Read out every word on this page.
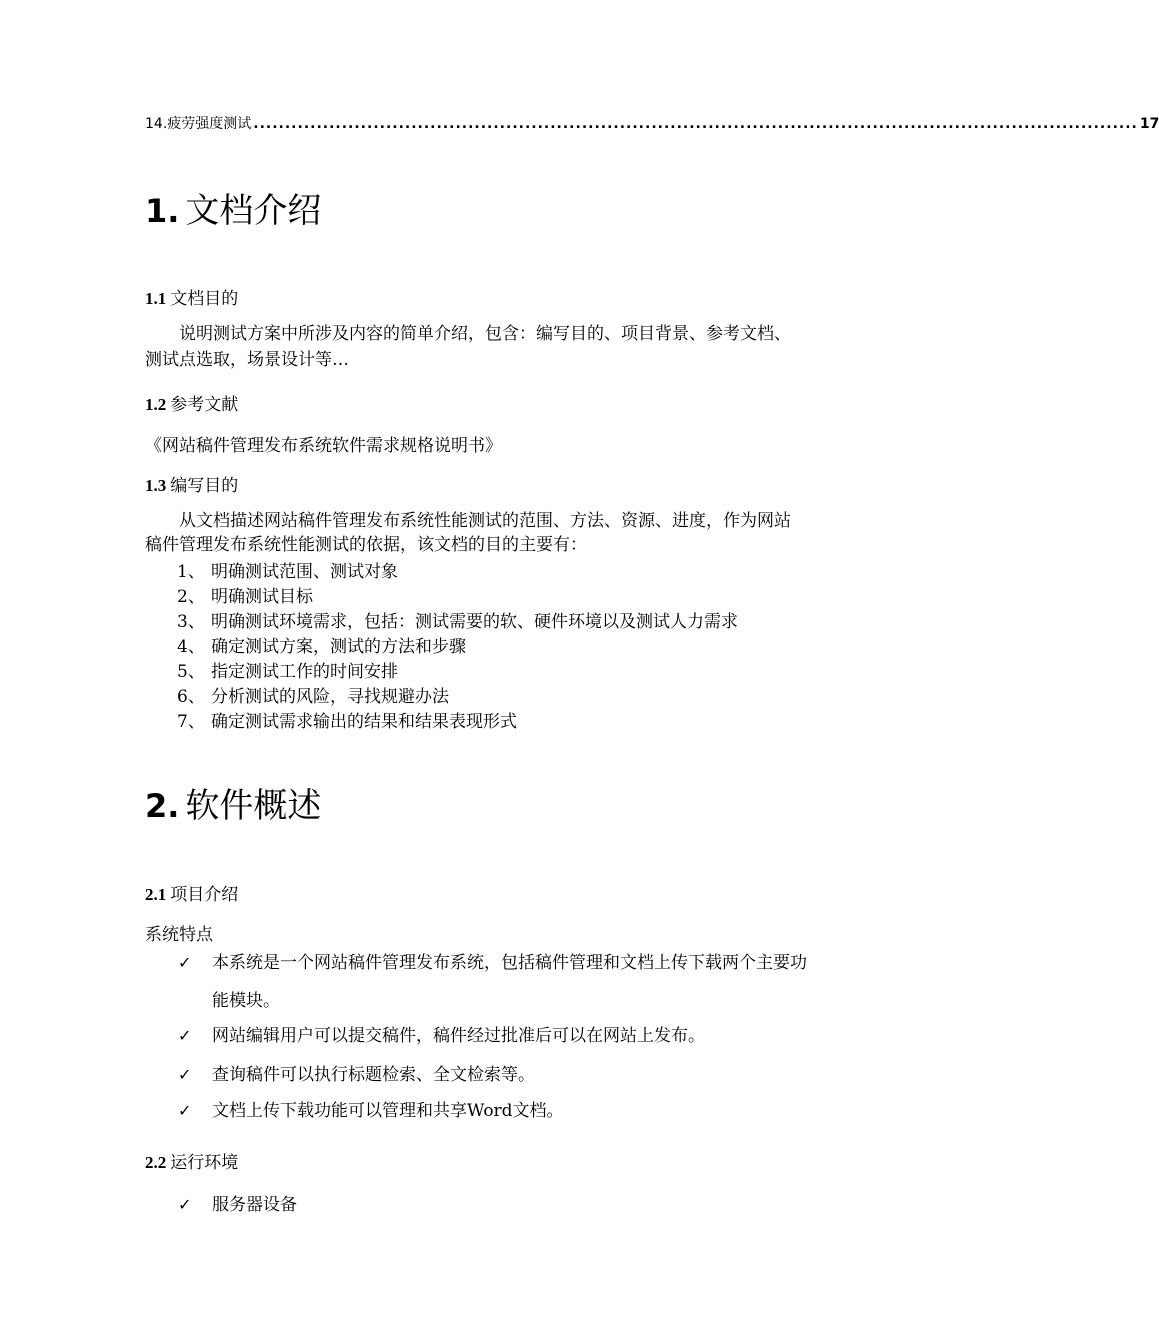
14. 疲劳强度测试 ............................................................................................................................................ 17
1. 文档介绍
1.1 文档目的
说明测试方案中所涉及内容的简单介绍，包含：编写目的、项目背景、参考文档、测试点选取，场景设计等…
1.2 参考文献
《网站稿件管理发布系统软件需求规格说明书》
1.3 编写目的
从文档描述网站稿件管理发布系统性能测试的范围、方法、资源、进度，作为网站稿件管理发布系统性能测试的依据，该文档的目的主要有：
1、 明确测试范围、测试对象
2、 明确测试目标
3、 明确测试环境需求，包括：测试需要的软、硬件环境以及测试人力需求
4、 确定测试方案，测试的方法和步骤
5、 指定测试工作的时间安排
6、 分析测试的风险，寻找规避办法
7、 确定测试需求输出的结果和结果表现形式
2. 软件概述
2.1 项目介绍
系统特点
✓	本系统是一个网站稿件管理发布系统，包括稿件管理和文档上传下载两个主要功能模块。
✓	网站编辑用户可以提交稿件，稿件经过批准后可以在网站上发布。
✓	查询稿件可以执行标题检索、全文检索等。
✓	文档上传下载功能可以管理和共享Word文档。
2.2 运行环境
✓	服务器设备
